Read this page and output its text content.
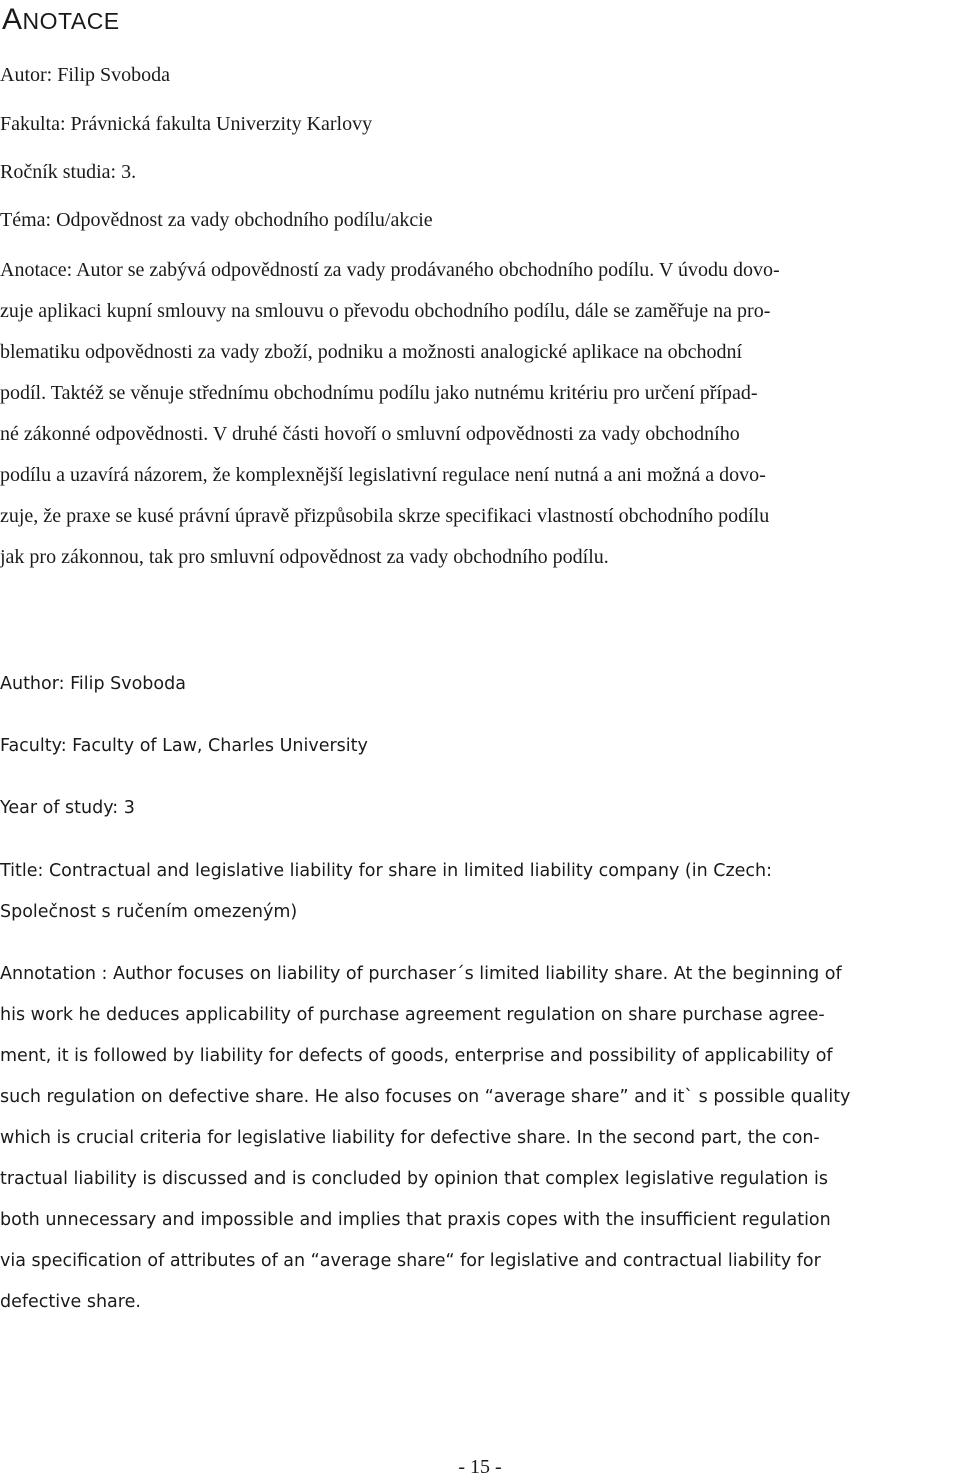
ANOTACE
Autor: Filip Svoboda
Fakulta: Právnická fakulta Univerzity Karlovy
Ročník studia: 3.
Téma: Odpovědnost za vady obchodního podílu/akcie
Anotace: Autor se zabývá odpovědností za vady prodávaného obchodního podílu. V úvodu dovo-
zuje aplikaci kupní smlouvy na smlouvu o převodu obchodního podílu, dále se zaměřuje na pro-
blematiku odpovědnosti za vady zboží, podniku a možnosti analogické aplikace na obchodní
podíl. Taktéž se věnuje střednímu obchodnímu podílu jako nutnému kritériu pro určení případ-
né zákonné odpovědnosti. V druhé části hovoří o smluvní odpovědnosti za vady obchodního
podílu a uzavírá názorem, že komplexnější legislativní regulace není nutná a ani možná a dovo-
zuje, že praxe se kusé právní úpravě přizpůsobila skrze specifikaci vlastností obchodního podílu
jak pro zákonnou, tak pro smluvní odpovědnost za vady obchodního podílu.
Author: Filip Svoboda
Faculty: Faculty of Law, Charles University
Year of study: 3
Title: Contractual and legislative liability for share in limited liability company (in Czech:
Společnost s ručením omezeným)
Annotation : Author focuses on liability of purchaser´s limited liability share. At the beginning of
his work he deduces applicability of purchase agreement regulation on share purchase agree-
ment, it is followed by liability for defects of goods, enterprise and possibility of applicability of
such regulation on defective share. He also focuses on “average share” and it` s possible quality
which is crucial criteria for legislative liability for defective share. In the second part, the con-
tractual liability is discussed and is concluded by opinion that complex legislative regulation is
both unnecessary and impossible and implies that praxis copes with the insufficient regulation
via specification of attributes of an “average share“ for legislative and contractual liability for
defective share.
- 15 -
